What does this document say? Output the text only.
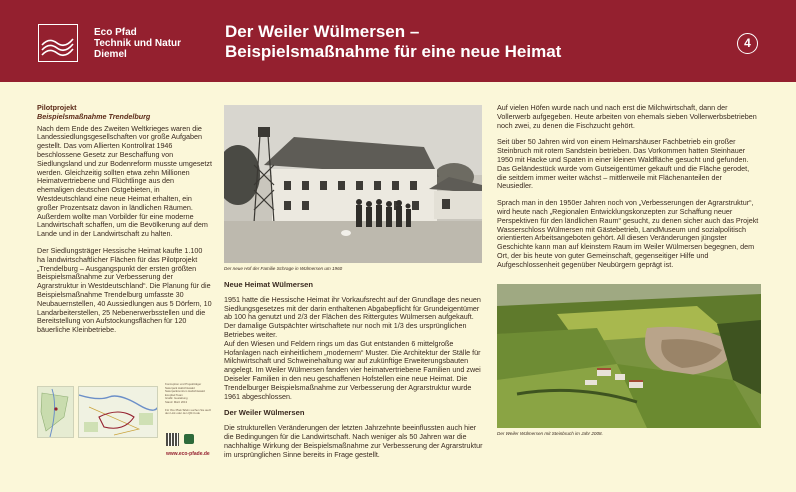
Eco Pfad
Technik und Natur
Diemel
Der Weiler Wülmersen –
Beispielsmaßnahme für eine neue Heimat	4
Pilotprojekt
Beispielsmaßnahme Trendelburg
Nach dem Ende des Zweiten Weltkrieges waren die Landessiedlungsgesellschaften vor große Aufgaben gestellt. Das vom Allierten Kontrollrat 1946 beschlossene Gesetz zur Beschaffung von Siedlungsland und zur Bodenreform musste umgesetzt werden. Gleichzeitig sollten etwa zehn Millionen Heimatvertriebene und Flüchtlinge aus den ehemaligen deutschen Ostgebieten, in Westdeutschland eine neue Heimat erhalten, ein großer Prozentsatz davon in ländlichen Räumen. Außerdem wollte man Vorbilder für eine moderne Landwirtschaft schaffen, um die Bevölkerung auf dem Lande und in der Landwirtschaft zu halten.
Der Siedlungsträger Hessische Heimat kaufte 1.100 ha landwirtschaftlicher Flächen für das Pilotprojekt „Trendelburg – Ausgangspunkt der ersten größten Beispielsmaßnahme zur Verbesserung der Agrarstruktur in Westdeutschland“. Die Planung für die Beispielsmaßnahme Trendelburg umfasste 30 Neubauernstellen, 40 Aussiedlungen aus 5 Dörfern, 10 Landarbeiterstellen, 25 Nebenerwerbsstellen und die Bereitstellung von Aufstockungsflächen für 120 bäuerliche Kleinbetriebe.
Konzeption und Projektträger
Naturpark Habichtswald
Naturparkzentrum Habichtswald
Ecopfad Team
Grafik: Gestaltung
Stand: März 2013
Für Ihre Pfad-Tafeln suchen Sie auch den Link oder den QR-Code
www.eco-pfade.de
Der neue Hof der Familie Schrage in Wülmersen um 1960
Neue Heimat Wülmersen
1951 hatte die Hessische Heimat ihr Vorkaufsrecht auf der Grundlage des neuen Siedlungsgesetzes mit der darin enthaltenen Abgabepflicht für Grundeigentümer ab 100 ha genutzt und 2/3 der Flächen des Rittergutes Wülmersen aufgekauft. Der damalige Gutspächter wirtschaftete nur noch mit 1/3 des ursprünglichen Betriebes weiter.
Auf den Wiesen und Feldern rings um das Gut entstanden 6 mittelgroße Hofanlagen nach einheitlichem „modernem“ Muster. Die Architektur der Ställe für Milchwirtschaft und Schweinehaltung war auf zukünftige Erweiterungsbauten angelegt. Im Weiler Wülmersen fanden vier heimatvertriebene Familien und zwei Deiseler Familien in den neu geschaffenen Hofstellen eine neue Heimat. Die Trendelburger Beispielsmaßnahme zur Verbesserung der Agrarstruktur wurde 1961 abgeschlossen.
Der Weiler Wülmersen
Die strukturellen Veränderungen der letzten Jahrzehnte beeinflussten auch hier die Bedingungen für die Landwirtschaft. Nach weniger als 50 Jahren war die nachhaltige Wirkung der Beispielsmaßnahme zur Verbesserung der Agrarstruktur im ursprünglichen Sinne bereits in Frage gestellt.
Auf vielen Höfen wurde nach und nach erst die Milchwirtschaft, dann der Vollerwerb aufgegeben. Heute arbeiten von ehemals sieben Vollerwerbsbetrieben noch zwei, zu denen die Fischzucht gehört.
Seit über 50 Jahren wird von einem Helmarshäuser Fachbetrieb ein großer Steinbruch mit rotem Sandstein betrieben. Das Vorkommen hatten Steinhauer 1950 mit Hacke und Spaten in einer kleinen Waldfläche gesucht und gefunden. Das Geländestück wurde vom Gutseigentümer gekauft und die Fläche gerodet, die seitdem immer weiter wächst – mittlerweile mit Flächenanteilen der Neusiedler.
Sprach man in den 1950er Jahren noch von „Verbesserungen der Agrarstruktur“, wird heute nach „Regionalen Entwicklungskonzepten zur Schaffung neuer Perspektiven für den ländlichen Raum“ gesucht, zu denen sicher auch das Projekt Wasserschloss Wülmersen mit Gästebetrieb, LandMuseum und sozialpolitisch orientierten Arbeitsangeboten gehört. All diesen Veränderungen jüngster Geschichte kann man auf kleinstem Raum im Weiler Wülmersen begegnen, dem Ort, der bis heute von guter Gemeinschaft, gegenseitiger Hilfe und Aufgeschlossenheit gegenüber Neubürgern geprägt ist.
Der Weiler Wülmersen mit Steinbruch im Jahr 2008.
